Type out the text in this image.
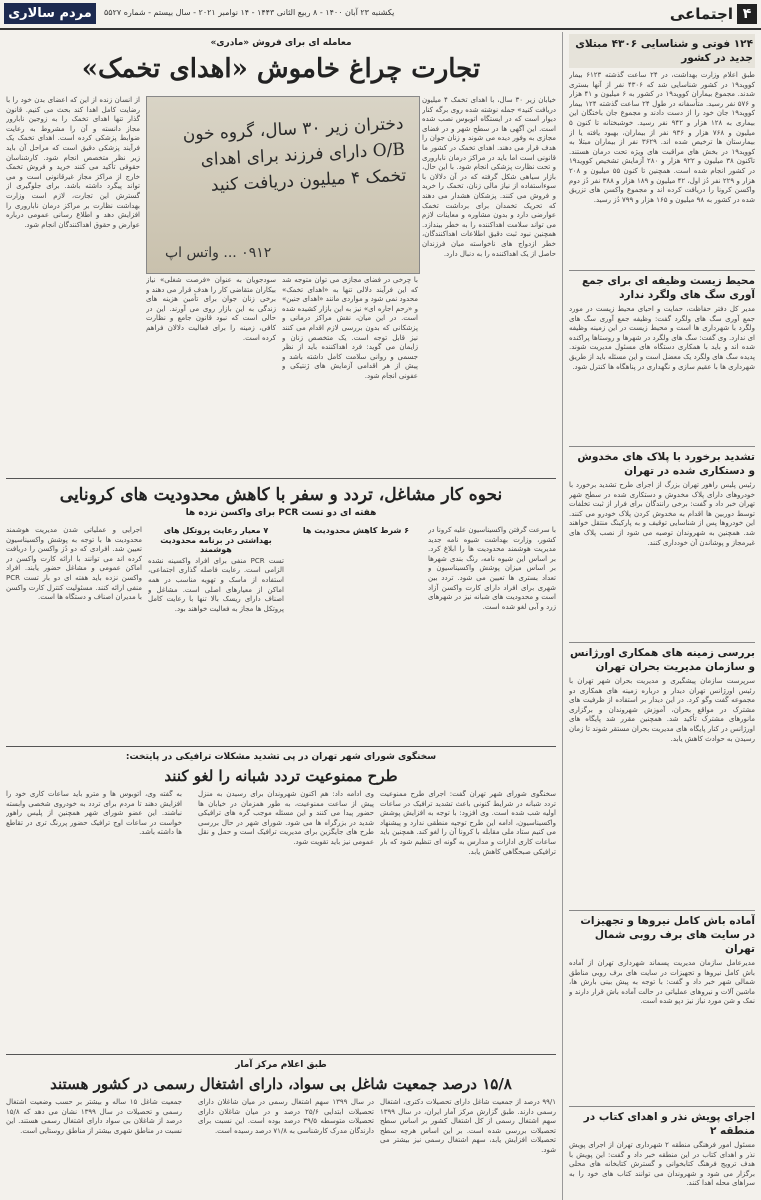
مردم سالاری	یکشنبه ۲۳ آبان ۱۴۰۰ - ۸ ربیع الثانی ۱۴۴۳ - ۱۴ نوامبر ۲۰۲۱ - سال بیستم - شماره ۵۵۲۷	۴
اجتماعی
۱۲۴ فوتی و شناسایی ۴۳۰۶ مبتلای جدید در کشور
طبق اعلام وزارت بهداشت، در ۲۴ ساعت گذشته ۶۱۲۳ بیمار کووید۱۹ در کشور شناسایی شد که ۴۳۰۶ نفر از آنها بستری شدند. مجموع بیماران کووید۱۹ در کشور به ۶ میلیون و ۴۱ هزار و ۵۷۶ نفر رسید. متأسفانه در طول ۲۴ ساعت گذشته ۱۲۴ بیمار کووید۱۹ جان خود را از دست دادند و مجموع جان باختگان این بیماری به ۱۲۸ هزار و ۹۴۲ نفر رسید. خوشبختانه تا کنون ۵ میلیون و ۷۶۸ هزار و ۹۳۶ نفر از بیماران، بهبود یافته یا از بیمارستان ها ترخیص شده اند. ۳۶۲۹ نفر از بیماران مبتلا به کووید۱۹ در بخش های مراقبت های ویژه تحت درمان هستند. تاکنون ۳۸ میلیون و ۹۲۲ هزار و ۲۸۰ آزمایش تشخیص کووید۱۹ در کشور انجام شده است. همچنین تا کنون ۵۵ میلیون و ۲۰۸ هزار و ۲۲۹ نفر دُز اول، ۴۲ میلیون و ۱۸۹ هزار و ۳۸۸ نفر دُز دوم واکسن کرونا را دریافت کرده اند و مجموع واکسن های تزریق شده در کشور به ۹۸ میلیون و ۱۶۵ هزار و ۷۹۹ دُز رسید.
محیط زیست وظیفه ای برای جمع آوری سگ های ولگرد ندارد
مدیر کل دفتر حفاظت، حمایت و احیای محیط زیست در مورد جمع آوری سگ های ولگرد گفت: وظیفه جمع آوری سگ های ولگرد با شهرداری ها است و محیط زیست در این زمینه وظیفه ای ندارد. وی گفت: سگ های ولگرد در شهرها و روستاها پراکنده شده اند و باید با همکاری دستگاه های مسئول مدیریت شوند. پدیده سگ های ولگرد یک معضل است و این مسئله باید از طریق شهرداری ها با عقیم سازی و نگهداری در پناهگاه ها کنترل شود.
تشدید برخورد با پلاک های مخدوش و دستکاری شده در تهران
رئیس پلیس راهور تهران بزرگ از اجرای طرح تشدید برخورد با خودروهای دارای پلاک مخدوش و دستکاری شده در سطح شهر تهران خبر داد و گفت: برخی رانندگان برای فرار از ثبت تخلفات توسط دوربین ها اقدام به مخدوش کردن پلاک خودرو می کنند. این خودروها پس از شناسایی توقیف و به پارکینگ منتقل خواهند شد. همچنین به شهروندان توصیه می شود از نصب پلاک های غیرمجاز و پوشاندن آن خودداری کنند.
بررسی زمینه های همکاری اورژانس و سازمان مدیریت بحران تهران
سرپرست سازمان پیشگیری و مدیریت بحران شهر تهران با رئیس اورژانس تهران دیدار و درباره زمینه های همکاری دو مجموعه گفت وگو کرد. در این دیدار بر استفاده از ظرفیت های مشترک در مواقع بحران، آموزش شهروندان و برگزاری مانورهای مشترک تأکید شد. همچنین مقرر شد پایگاه های اورژانس در کنار پایگاه های مدیریت بحران مستقر شوند تا زمان رسیدن به حوادث کاهش یابد.
آماده باش کامل نیروها و تجهیزات در سایت های برف روبی شمال تهران
مدیرعامل سازمان مدیریت پسماند شهرداری تهران از آماده باش کامل نیروها و تجهیزات در سایت های برف روبی مناطق شمالی شهر خبر داد و گفت: با توجه به پیش بینی بارش ها، ماشین آلات و نیروهای عملیاتی در حالت آماده باش قرار دارند و نمک و شن مورد نیاز نیز دپو شده است.
اجرای پویش نذر و اهدای کتاب در منطقه ۲
مسئول امور فرهنگی منطقه ۲ شهرداری تهران از اجرای پویش نذر و اهدای کتاب در این منطقه خبر داد و گفت: این پویش با هدف ترویج فرهنگ کتابخوانی و گسترش کتابخانه های محلی برگزار می شود و شهروندان می توانند کتاب های خود را به سراهای محله اهدا کنند.
معامله ای برای فروش «مادری»
تجارت چراغ خاموش «اهدای تخمک»
خیابان زیر ۳۰ سال، با اهدای تخمک ۴ میلیون دریافت کنید» جمله نوشته شده روی برگه کنار دیوار است که در ایستگاه اتوبوس نصب شده است. این آگهی ها در سطح شهر و در فضای مجازی به وفور دیده می شوند و زنان جوان را هدف قرار می دهند. اهدای تخمک در کشور ما قانونی است اما باید در مراکز درمان ناباروری و تحت نظارت پزشکی انجام شود. با این حال، بازار سیاهی شکل گرفته که در آن دلالان با سوءاستفاده از نیاز مالی زنان، تخمک را خرید و فروش می کنند. پزشکان هشدار می دهند که تحریک تخمدان برای برداشت تخمک عوارضی دارد و بدون مشاوره و معاینات لازم می تواند سلامت اهداکننده را به خطر بیندازد. همچنین نبود ثبت دقیق اطلاعات اهداکنندگان، خطر ازدواج های ناخواسته میان فرزندان حاصل از یک اهداکننده را به دنبال دارد.
از انسان زنده از این که اعضای بدن خود را با رضایت کامل اهدا کند بحث می کنیم. قانون گذار تنها اهدای تخمک را به زوجین نابارور مجاز دانسته و آن را مشروط به رعایت ضوابط پزشکی کرده است. اهدای تخمک یک فرآیند پزشکی دقیق است که مراحل آن باید زیر نظر متخصص انجام شود. کارشناسان حقوقی تأکید می کنند خرید و فروش تخمک خارج از مراکز مجاز غیرقانونی است و می تواند پیگرد داشته باشد. برای جلوگیری از گسترش این تجارت، لازم است وزارت بهداشت نظارت بر مراکز درمان ناباروری را افزایش دهد و اطلاع رسانی عمومی درباره عوارض و حقوق اهداکنندگان انجام شود.
دختران زیر ۳۰ سال، گروه خون O/B دارای فرزند برای اهدای تخمک ۴ میلیون دریافت کنید
۰۹۱۲ ... واتس اپ
سودجویان به عنوان «فرصت شغلی» نیاز بیکاران متقاضی کار را هدف قرار می دهند و برخی زنان جوان برای تأمین هزینه های زندگی به این بازار روی می آورند. این در حالی است که نبود قانون جامع و نظارت کافی، زمینه را برای فعالیت دلالان فراهم کرده است.
با چرخی در فضای مجازی می توان متوجه شد که این فرآیند دلالی تنها به «اهدای تخمک» محدود نمی شود و مواردی مانند «اهدای جنین» و «رحم اجاره ای» نیز به این بازار کشیده شده است. در این میان، نقش مراکز درمانی و پزشکانی که بدون بررسی لازم اقدام می کنند نیز قابل توجه است. یک متخصص زنان و زایمان می گوید: فرد اهداکننده باید از نظر جسمی و روانی سلامت کامل داشته باشد و پیش از هر اقدامی آزمایش های ژنتیکی و عفونی انجام شود.
نحوه کار مشاغل، تردد و سفر با کاهش محدودیت های کرونایی
هفته ای دو تست PCR برای واکسن نزده ها
با سرعت گرفتن واکسیناسیون علیه کرونا در کشور، وزارت بهداشت شیوه نامه جدید مدیریت هوشمند محدودیت ها را ابلاغ کرد. بر اساس این شیوه نامه، رنگ بندی شهرها بر اساس میزان پوشش واکسیناسیون و تعداد بستری ها تعیین می شود. تردد بین شهری برای افراد دارای کارت واکسن آزاد است و محدودیت های شبانه نیز در شهرهای زرد و آبی لغو شده است.
۶ شرط کاهش محدودیت ها
۷ معیار رعایت پروتکل های بهداشتی در برنامه محدودیت هوشمند
تست PCR منفی برای افراد واکسینه نشده الزامی است. رعایت فاصله گذاری اجتماعی، استفاده از ماسک و تهویه مناسب در همه اماکن از معیارهای اصلی است. مشاغل و اصناف دارای ریسک بالا تنها با رعایت کامل پروتکل ها مجاز به فعالیت خواهند بود.
اجرایی و عملیاتی شدن مدیریت هوشمند محدودیت ها با توجه به پوشش واکسیناسیون تعیین شد. افرادی که دو دُز واکسن را دریافت کرده اند می توانند با ارائه کارت واکسن در اماکن عمومی و مشاغل حضور یابند. افراد واکسن نزده باید هفته ای دو بار تست PCR منفی ارائه کنند. مسئولیت کنترل کارت واکسن با مدیران اصناف و دستگاه ها است.
سخنگوی شورای شهر تهران در پی تشدید مشکلات ترافیکی در پایتخت:
طرح ممنوعیت تردد شبانه را لغو کنند
سخنگوی شورای شهر تهران گفت: اجرای طرح ممنوعیت تردد شبانه در شرایط کنونی باعث تشدید ترافیک در ساعات اولیه شب شده است. وی افزود: با توجه به افزایش پوشش واکسیناسیون، ادامه این طرح توجیه منطقی ندارد و پیشنهاد می کنیم ستاد ملی مقابله با کرونا آن را لغو کند. همچنین باید ساعات کاری ادارات و مدارس به گونه ای تنظیم شود که بار ترافیکی صبحگاهی کاهش یابد.
وی ادامه داد: هم اکنون شهروندان برای رسیدن به منزل پیش از ساعت ممنوعیت، به طور همزمان در خیابان ها حضور پیدا می کنند و این مسئله موجب گره های ترافیکی شدید در بزرگراه ها می شود. شورای شهر در حال بررسی طرح های جایگزین برای مدیریت ترافیک است و حمل و نقل عمومی نیز باید تقویت شود.
به گفته وی، اتوبوس ها و مترو باید ساعات کاری خود را افزایش دهند تا مردم برای تردد به خودروی شخصی وابسته نباشند. این عضو شورای شهر همچنین از پلیس راهور خواست در ساعات اوج ترافیک حضور پررنگ تری در تقاطع ها داشته باشد.
طبق اعلام مرکز آمار
۱۵/۸ درصد جمعیت شاغل بی سواد، دارای اشتغال رسمی در کشور هستند
۹۹/۱ درصد از جمعیت شاغل دارای تحصیلات دکتری، اشتغال رسمی دارند. طبق گزارش مرکز آمار ایران، در سال ۱۳۹۹ سهم اشتغال رسمی از کل اشتغال کشور بر اساس سطح تحصیلات بررسی شده است. بر این اساس هرچه سطح تحصیلات افزایش یابد، سهم اشتغال رسمی نیز بیشتر می شود.
در سال ۱۳۹۹ سهم اشتغال رسمی در میان شاغلان دارای تحصیلات ابتدایی ۲۵/۶ درصد و در میان شاغلان دارای تحصیلات متوسطه ۳۹/۵ درصد بوده است. این نسبت برای دارندگان مدرک کارشناسی به ۷۱/۸ درصد رسیده است.
جمعیت شاغل ۱۵ ساله و بیشتر بر حسب وضعیت اشتغال رسمی و تحصیلات در سال ۱۳۹۹ نشان می دهد که ۱۵/۸ درصد از شاغلان بی سواد دارای اشتغال رسمی هستند. این نسبت در مناطق شهری بیشتر از مناطق روستایی است.
